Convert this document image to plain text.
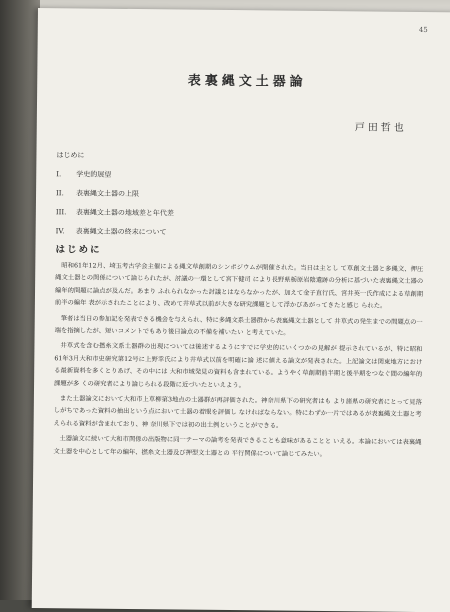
45
表裏縄文土器論
戸田哲也
はじめに
I. 学史的展望
II. 表裏縄文土器の上限
III. 表裏縄文土器の地域差と年代差
IV. 表裏縄文土器の終末について
はじめに

昭和61年12月、埼玉考古学会主催による縄文草創期のシンポジウムが開催された。当日は主とし て草創文土器と多縄文、押圧縄文土器との関係について論じられたが、討議の一環として宮下健司 により長野県栃原岩陰遺跡の分析に基づいた表裏縄文土器の編年的問題に論点が及んだ。あまり ふれられなかった討議とはならなかったが、加えて金子直行氏、宮井英一氏作成による草創期前半の編年 表が示されたことにより、改めて井草式以前が大きな研究課題として浮かびあがってきたと感じ られた。

筆者は当日の参加記を発表できる機会を与えられ、特に多縄文系土器群から表裏縄文土器として 井草式の発生までの問題点の一端を指摘したが、短いコメントでもあり後日論点の不備を補いたい と考えていた。

井草式を含む撚糸文系土器群の出現については後述するようにすでに学史的にいくつかの見解が 提示されているが、特に昭和61年3月大和市史研究第12号に上野幸氏により井草式以前を明確に論 述に値える論文が発表された。上記論文は関東地方における最新資料を多くとりあげ、その中には 大和市域発見の資料も含まれている。ようやく草創期前半期と後半期をつなぐ間の編年的課題が多 くの研究者により論じられる段階に近づいたといえよう。

また土器論文において大和市上草柳第3地点の土器群が再評価された。神奈川県下の研究者はも より諸県の研究者にとって見落しがちであった資料の抽出という点において土器の着眼を評価し なければならない。特にわずか一片ではあるが表裏縄文土器と考えられる資料が含まれており、神 奈川県下では初の出土例ということができる。

土器論文に続いて大和市関係の出版物に同一テーマの論考を発表できることも意味があることと いえる。本論においては表裏縄文土器を中心として年の編年、撚糸文土器及び押型文土器との 平行関係について論じてみたい。
